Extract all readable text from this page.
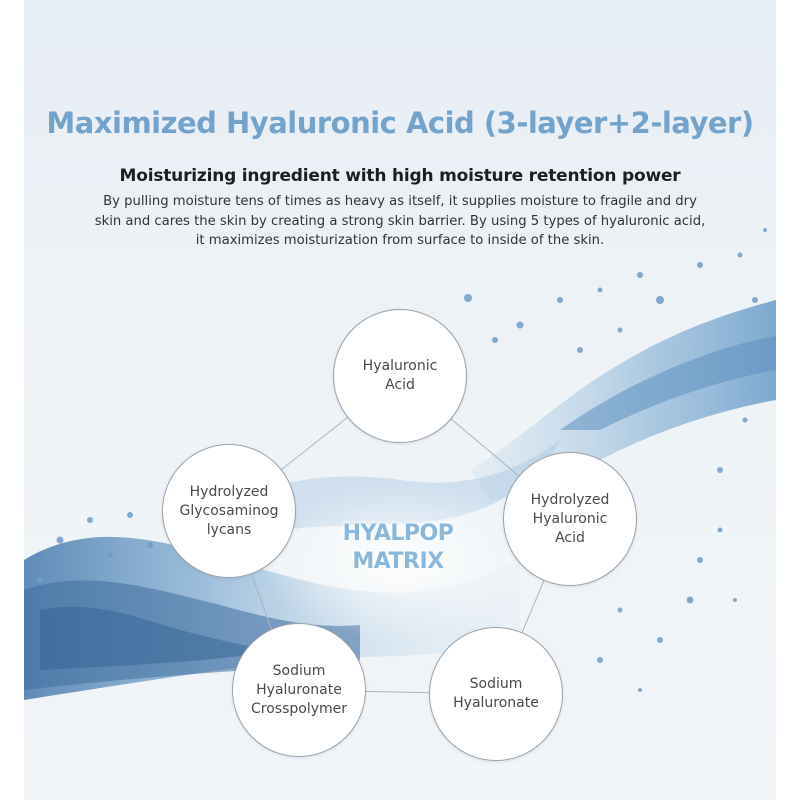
Maximized Hyaluronic Acid (3-layer+2-layer)
Moisturizing ingredient with high moisture retention power
By pulling moisture tens of times as heavy as itself, it supplies moisture to fragile and dry skin and cares the skin by creating a strong skin barrier. By using 5 types of hyaluronic acid, it maximizes moisturization from surface to inside of the skin.
Hyaluronic
Acid
Hydrolyzed
Hyaluronic
Acid
Sodium
Hyaluronate
Sodium
Hyaluronate
Crosspolymer
Hydrolyzed
Glycosaminog
lycans	HYALPOP
MATRIX
